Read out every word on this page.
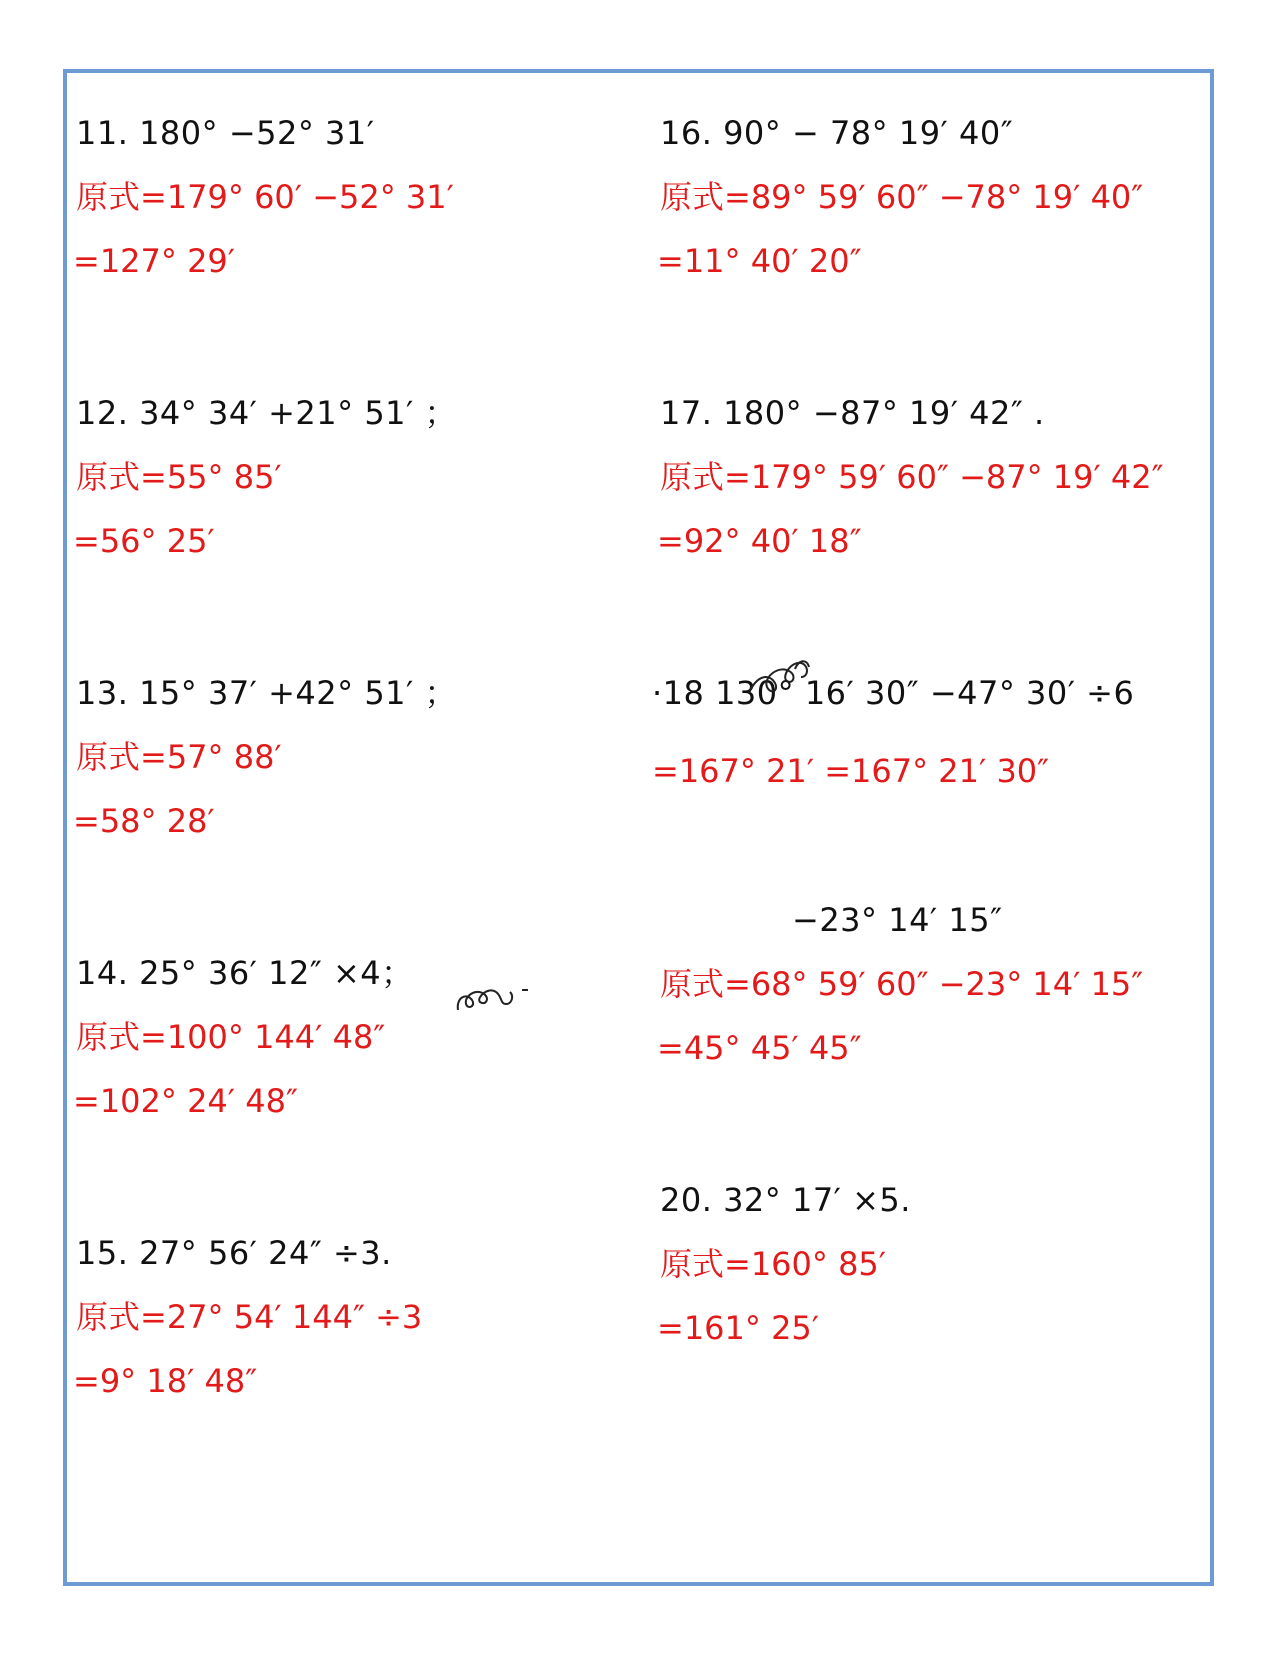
11. 180° −52° 31′
原式=179° 60′ −52° 31′
=127° 29′
12. 34° 34′ +21° 51′ ；
原式=55° 85′
=56° 25′
13. 15° 37′ +42° 51′ ；
原式=57° 88′
=58° 28′
14. 25° 36′ 12″ ×4；
原式=100° 144′ 48″
=102° 24′ 48″
15. 27° 56′ 24″ ÷3.
原式=27° 54′ 144″ ÷3
=9° 18′ 48″
16. 90° − 78° 19′ 40″
原式=89° 59′ 60″ −78° 19′ 40″
=11° 40′ 20″
17. 180° −87° 19′ 42″ .
原式=179° 59′ 60″ −87° 19′ 42″
=92° 40′ 18″
·18 130° 16′ 30″ −47° 30′ ÷6
=167° 21′ =167° 21′ 30″
−23° 14′ 15″
原式=68° 59′ 60″ −23° 14′ 15″
=45° 45′ 45″
20. 32° 17′ ×5.
原式=160° 85′
=161° 25′
